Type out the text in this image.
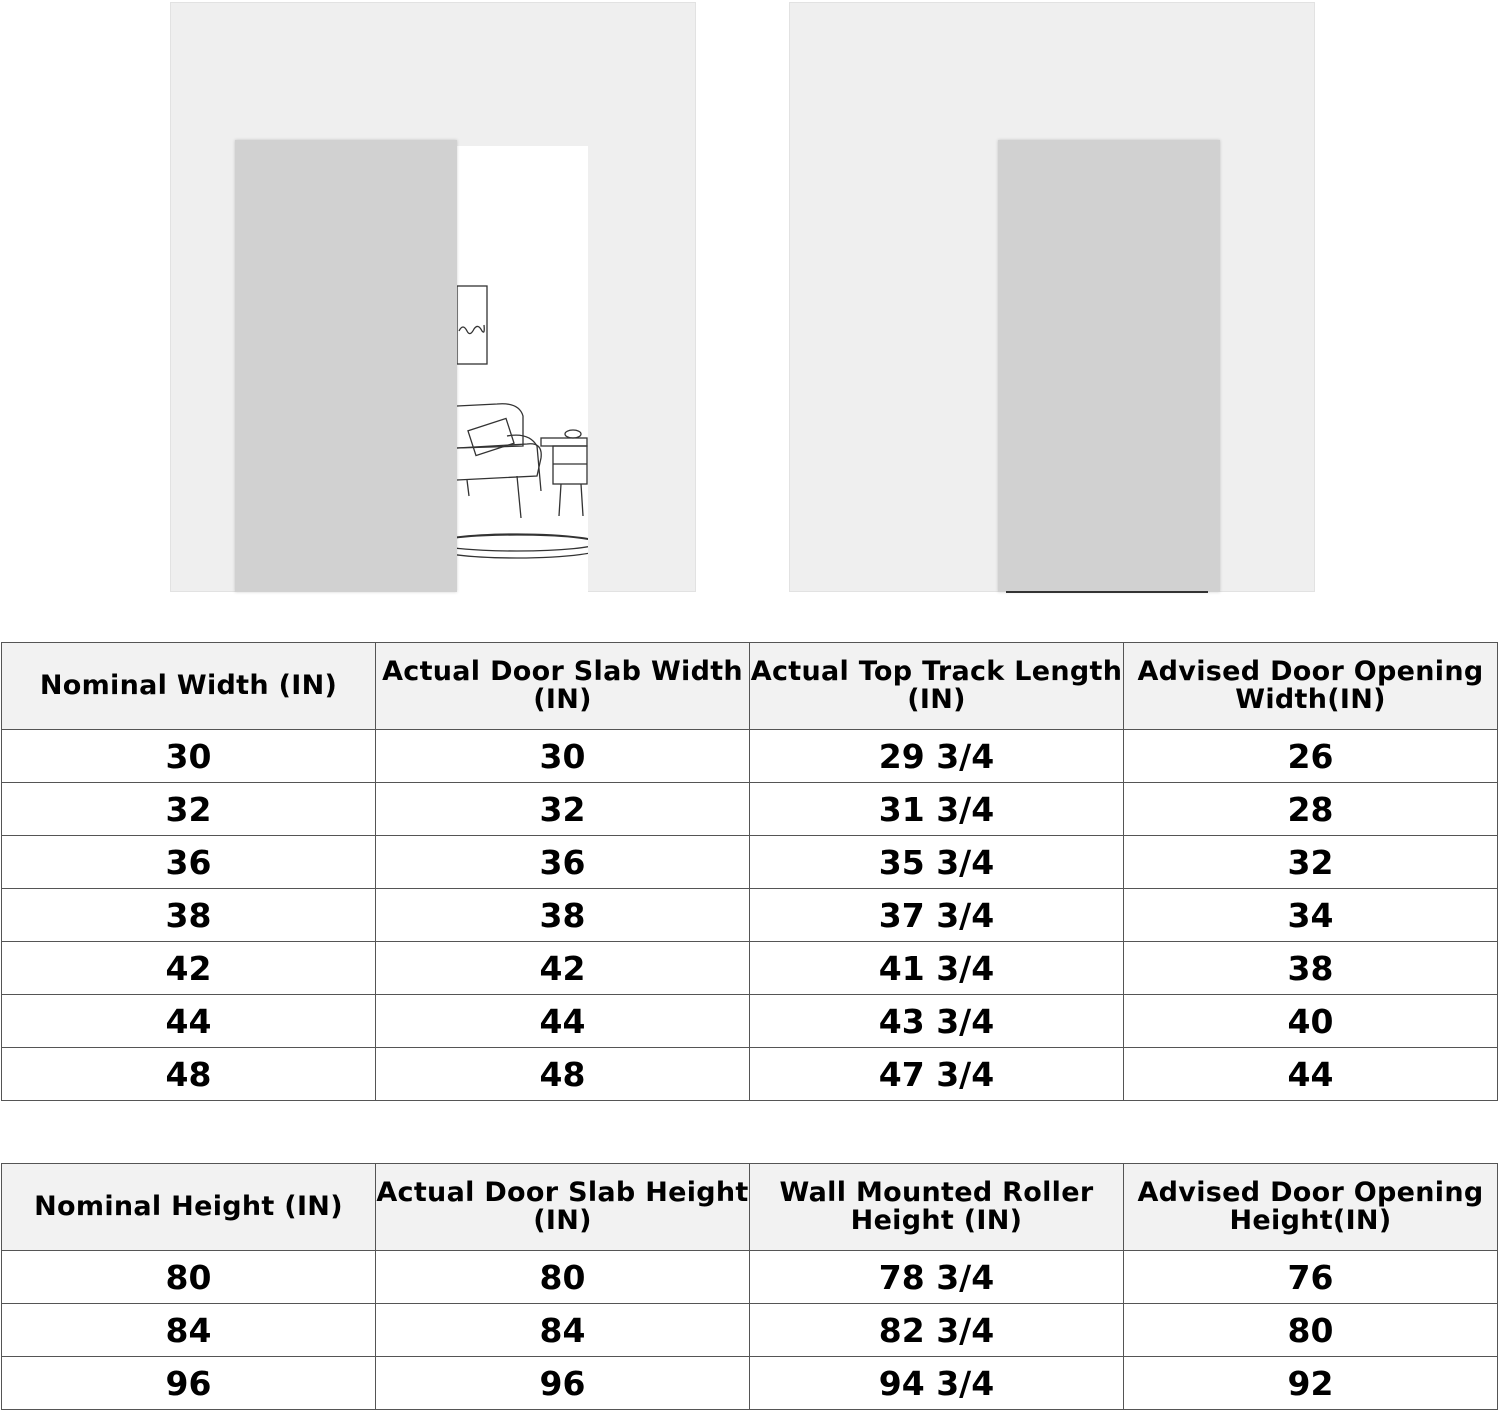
Nominal Width (IN)	Actual Door Slab Width (IN)	Actual Top Track Length (IN)	Advised Door Opening Width(IN)
30	30	29 3/4	26
32	32	31 3/4	28
36	36	35 3/4	32
38	38	37 3/4	34
42	42	41 3/4	38
44	44	43 3/4	40
48	48	47 3/4	44
Nominal Height (IN)	Actual Door Slab Height (IN)	Wall Mounted Roller Height (IN)	Advised Door Opening Height(IN)
80	80	78 3/4	76
84	84	82 3/4	80
96	96	94 3/4	92
